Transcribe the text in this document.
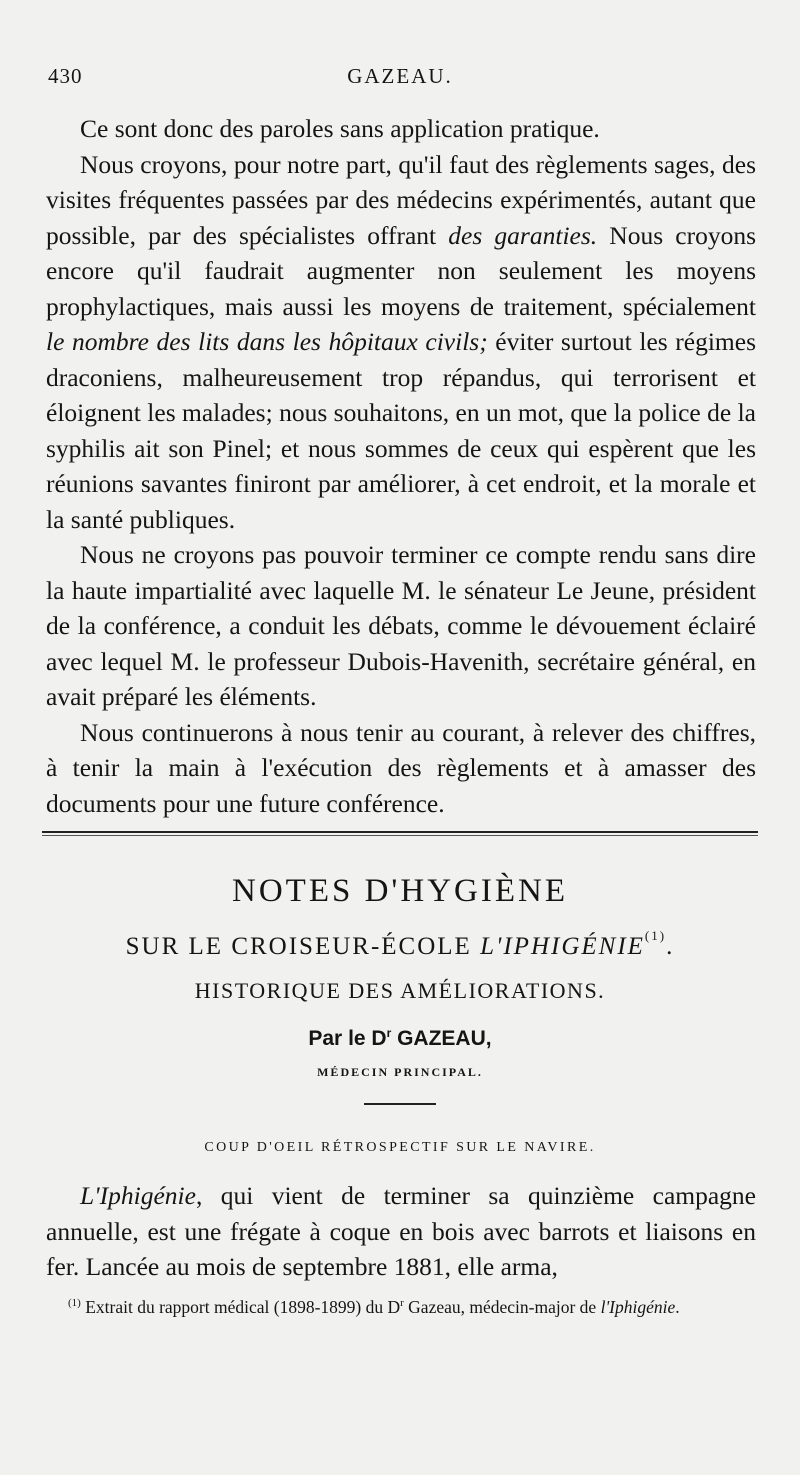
430	GAZEAU.

Ce sont donc des paroles sans application pratique.

Nous croyons, pour notre part, qu'il faut des règlements sages, des visites fréquentes passées par des médecins expérimentés, autant que possible, par des spécialistes offrant des garanties. Nous croyons encore qu'il faudrait augmenter non seulement les moyens prophylactiques, mais aussi les moyens de traitement, spécialement le nombre des lits dans les hôpitaux civils; éviter surtout les régimes draconiens, malheureusement trop répandus, qui terrorisent et éloignent les malades; nous souhaitons, en un mot, que la police de la syphilis ait son Pinel; et nous sommes de ceux qui espèrent que les réunions savantes finiront par améliorer, à cet endroit, et la morale et la santé publiques.

Nous ne croyons pas pouvoir terminer ce compte rendu sans dire la haute impartialité avec laquelle M. le sénateur Le Jeune, président de la conférence, a conduit les débats, comme le dévouement éclairé avec lequel M. le professeur Dubois-Havenith, secrétaire général, en avait préparé les éléments.

Nous continuerons à nous tenir au courant, à relever des chiffres, à tenir la main à l'exécution des règlements et à amasser des documents pour une future conférence.

NOTES D'HYGIÈNE
SUR LE CROISEUR-ÉCOLE L'IPHIGÉNIE$^{(1)}$.
HISTORIQUE DES AMÉLIORATIONS.
Par le $D^r$ GAZEAU,
MÉDECIN PRINCIPAL.
COUP D'OEIL RÉTROSPECTIF SUR LE NAVIRE.

L'Iphigénie, qui vient de terminer sa quinzième campagne annuelle, est une frégate à coque en bois avec barrots et liaisons en fer. Lancée au mois de septembre 1881, elle arma,

$^{(1)}$ Extrait du rapport médical (1898-1899) du $D^r$ Gazeau, médecin-major de l'Iphigénie.
